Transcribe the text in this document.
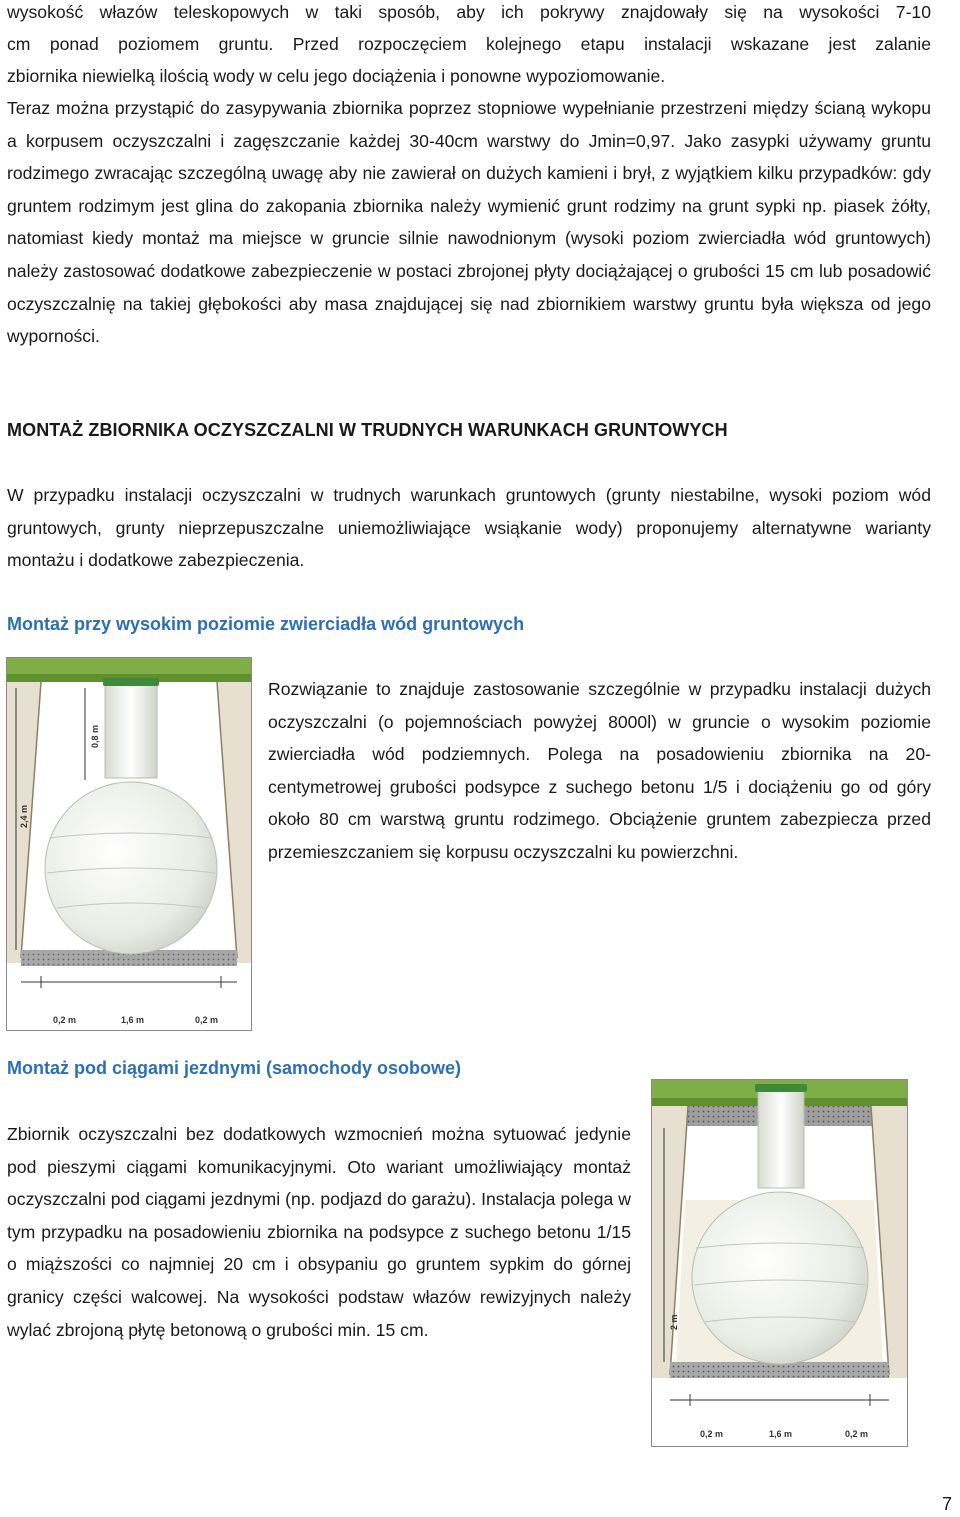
wysokość włazów teleskopowych w taki sposób, aby ich pokrywy znajdowały się na wysokości 7-10

cm ponad poziomem gruntu. Przed rozpoczęciem kolejnego etapu instalacji wskazane jest zalanie

zbiornika niewielką ilością wody w celu jego dociążenia i ponowne wypoziomowanie.

Teraz można przystąpić do zasypywania zbiornika poprzez stopniowe wypełnianie przestrzeni między ścianą wykopu a korpusem oczyszczalni i zagęszczanie każdej 30-40cm warstwy do Jmin=0,97. Jako zasypki używamy gruntu rodzimego zwracając szczególną uwagę aby nie zawierał on dużych kamieni i brył, z wyjątkiem kilku przypadków: gdy gruntem rodzimym jest glina do zakopania zbiornika należy wymienić grunt rodzimy na grunt sypki np. piasek żółty, natomiast kiedy montaż ma miejsce w gruncie silnie nawodnionym (wysoki poziom zwierciadła wód gruntowych) należy zastosować dodatkowe zabezpieczenie w postaci zbrojonej płyty dociążającej o grubości 15 cm lub posadowić oczyszczalnię na takiej głębokości aby masa znajdującej się nad zbiornikiem warstwy gruntu była większa od jego wyporności.

MONTAŻ ZBIORNIKA OCZYSZCZALNI W TRUDNYCH WARUNKACH GRUNTOWYCH

W przypadku instalacji oczyszczalni w trudnych warunkach gruntowych (grunty niestabilne, wysoki poziom wód gruntowych, grunty nieprzepuszczalne uniemożliwiające wsiąkanie wody) proponujemy alternatywne warianty montażu i dodatkowe zabezpieczenia.

Montaż przy wysokim poziomie zwierciadła wód gruntowych
2,4 m
0,8 m
0,2 m	1,6 m	0,2 m

Rozwiązanie to znajduje zastosowanie szczególnie w przypadku instalacji dużych oczyszczalni (o pojemnościach powyżej 8000l) w gruncie o wysokim poziomie zwierciadła wód podziemnych. Polega na posadowieniu zbiornika na 20-centymetrowej grubości podsypce z suchego betonu 1/5 i dociążeniu go od góry około 80 cm warstwą gruntu rodzimego. Obciążenie gruntem zabezpiecza przed przemieszczaniem się korpusu oczyszczalni ku powierzchni.

Montaż pod ciągami jezdnymi (samochody osobowe)

Zbiornik oczyszczalni bez dodatkowych wzmocnień można sytuować jedynie pod pieszymi ciągami komunikacyjnymi. Oto wariant umożliwiający montaż oczyszczalni pod ciągami jezdnymi (np. podjazd do garażu). Instalacja polega w tym przypadku na posadowieniu zbiornika na podsypce z suchego betonu 1/15 o miąższości co najmniej 20 cm i obsypaniu go gruntem sypkim do górnej granicy części walcowej. Na wysokości podstaw włazów rewizyjnych należy wylać zbrojoną płytę betonową o grubości min. 15 cm.	2 m
0,2 m	1,6 m	0,2 m

7
